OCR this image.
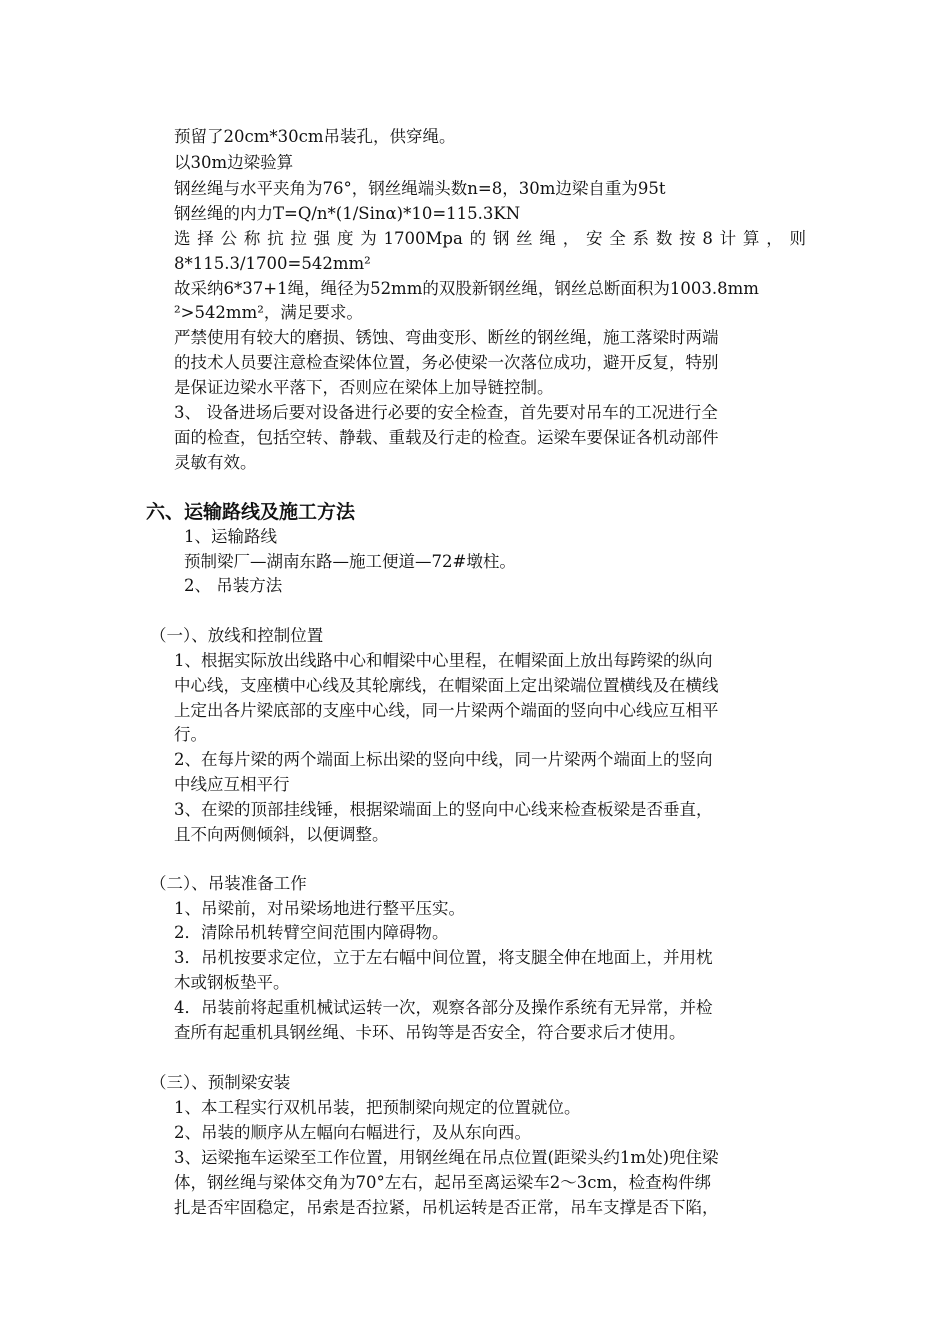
预留了20cm*30cm吊装孔，供穿绳。
以30m边梁验算
钢丝绳与水平夹角为76°，钢丝绳端头数n=8，30m边梁自重为95t
钢丝绳的内力T=Q/n*(1/Sinα)*10=115.3KN
选择公称抗拉强度为1700Mpa的钢丝绳，安全系数按8计算，则
8*115.3/1700=542mm²
故采纳6*37+1绳，绳径为52mm的双股新钢丝绳，钢丝总断面积为1003.8mm
²>542mm²，满足要求。
严禁使用有较大的磨损、锈蚀、弯曲变形、断丝的钢丝绳，施工落梁时两端
的技术人员要注意检查梁体位置，务必使梁一次落位成功，避开反复，特别
是保证边梁水平落下，否则应在梁体上加导链控制。
3、 设备进场后要对设备进行必要的安全检查，首先要对吊车的工况进行全
面的检查，包括空转、静载、重载及行走的检查。运梁车要保证各机动部件
灵敏有效。
六、运输路线及施工方法
1、运输路线
预制梁厂—湖南东路—施工便道—72#墩柱。
2、 吊装方法
（一）、放线和控制位置
1、根据实际放出线路中心和帽梁中心里程，在帽梁面上放出每跨梁的纵向
中心线，支座横中心线及其轮廓线，在帽梁面上定出梁端位置横线及在横线
上定出各片梁底部的支座中心线，同一片梁两个端面的竖向中心线应互相平
行。
2、在每片梁的两个端面上标出梁的竖向中线，同一片梁两个端面上的竖向
中线应互相平行
3、在梁的顶部挂线锤，根据梁端面上的竖向中心线来检查板梁是否垂直，
且不向两侧倾斜，以便调整。
（二）、吊装准备工作
1、吊梁前，对吊梁场地进行整平压实。
2．清除吊机转臂空间范围内障碍物。
3．吊机按要求定位，立于左右幅中间位置，将支腿全伸在地面上，并用枕
木或钢板垫平。
4．吊装前将起重机械试运转一次，观察各部分及操作系统有无异常，并检
查所有起重机具钢丝绳、卡环、吊钩等是否安全，符合要求后才使用。
（三）、预制梁安装
1、本工程实行双机吊装，把预制梁向规定的位置就位。
2、吊装的顺序从左幅向右幅进行，及从东向西。
3、运梁拖车运梁至工作位置，用钢丝绳在吊点位置(距梁头约1m处)兜住梁
体，钢丝绳与梁体交角为70°左右，起吊至离运梁车2～3cm，检查构件绑
扎是否牢固稳定，吊索是否拉紧，吊机运转是否正常，吊车支撑是否下陷，
